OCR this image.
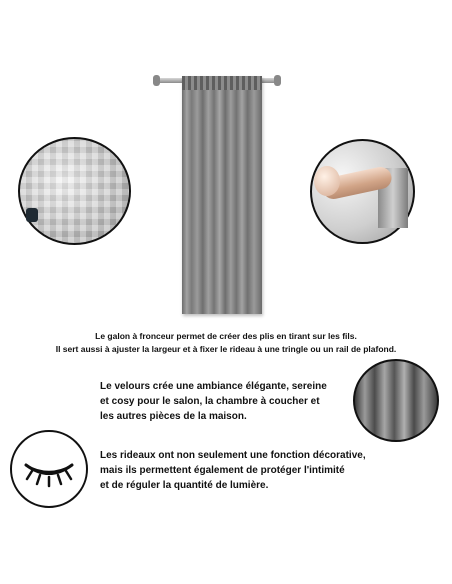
Le galon à fronceur permet de créer des plis en tirant sur les fils.
Il sert aussi à ajuster la largeur et à fixer le rideau à une tringle ou un rail de plafond.
Le velours crée une ambiance élégante, sereine
et cosy pour le salon, la chambre à coucher et
les autres pièces de la maison.
Les rideaux ont non seulement une fonction décorative,
mais ils permettent également de protéger l'intimité
et de réguler la quantité de lumière.
